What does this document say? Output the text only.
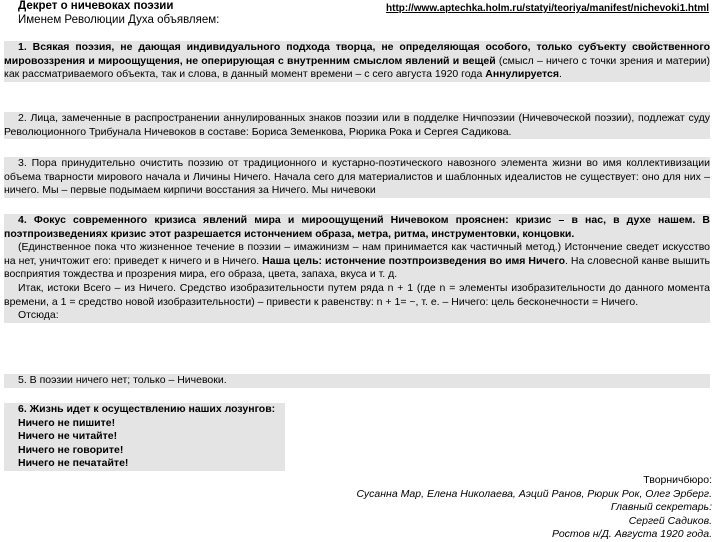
Декрет о ничевоках поэзии
Именем Революции Духа объявляем:
http://www.aptechka.holm.ru/statyi/teoriya/manifest/nichevoki1.html

1. Всякая поэзия, не дающая индивидуального подхода творца, не определяющая особого, только субъекту свойственного мировоззрения и мироощущения, не оперирующая с внутренним смыслом явлений и вещей (смысл – ничего с точки зрения и материи) как рассматриваемого объекта, так и слова, в данный момент времени – с сего августа 1920 года Аннулируется.

2. Лица, замеченные в распространении аннулированных знаков поэзии или в подделке Ничпоэзии (Ничевоческой поэзии), подлежат суду Революционного Трибунала Ничевоков в составе: Бориса Земенкова, Рюрика Рока и Сергея Садикова.

3. Пора принудительно очистить поэзию от традиционного и кустарно-поэтического навозного элемента жизни во имя коллективизации объема тварности мирового начала и Личины Ничего. Начала сего для материалистов и шаблонных идеалистов не существует: оно для них – ничего. Мы – первые подымаем кирпичи восстания за Ничего. Мы ничевоки

4. Фокус современного кризиса явлений мира и мироощущений Ничевоком прояснен: кризис – в нас, в духе нашем. В поэтпроизведениях кризис этот разрешается истончением образа, метра, ритма, инструментовки, концовки.

(Единственное пока что жизненное течение в поэзии – имажинизм – нам принимается как частичный метод.) Истончение сведет искусство на нет, уничтожит его: приведет к ничего и в Ничего. Наша цель: истончение поэтпроизведения во имя Ничего. На словесной канве вышить восприятия тождества и прозрения мира, его образа, цвета, запаха, вкуса и т. д.

Итак, истоки Всего – из Ничего. Средство изобразительности путем ряда n + 1 (где n = элементы изобразительности до данного момента времени, а 1 = средство новой изобразительности) – привести к равенству: n + 1= ~, т. е. – Ничего: цель бесконечности = Ничего.

Отсюда:

5. В поэзии ничего нет; только – Ничевоки.

6. Жизнь идет к осуществлению наших лозунгов:

Ничего не пишите!

Ничего не читайте!

Ничего не говорите!

Ничего не печатайте!

Творничбюро:
Сусанна Мар, Елена Николаева, Аэций Ранов, Рюрик Рок, Олег Эрберг.
Главный секретарь:
Сергей Садиков.
Ростов н/Д. Августа 1920 года.
